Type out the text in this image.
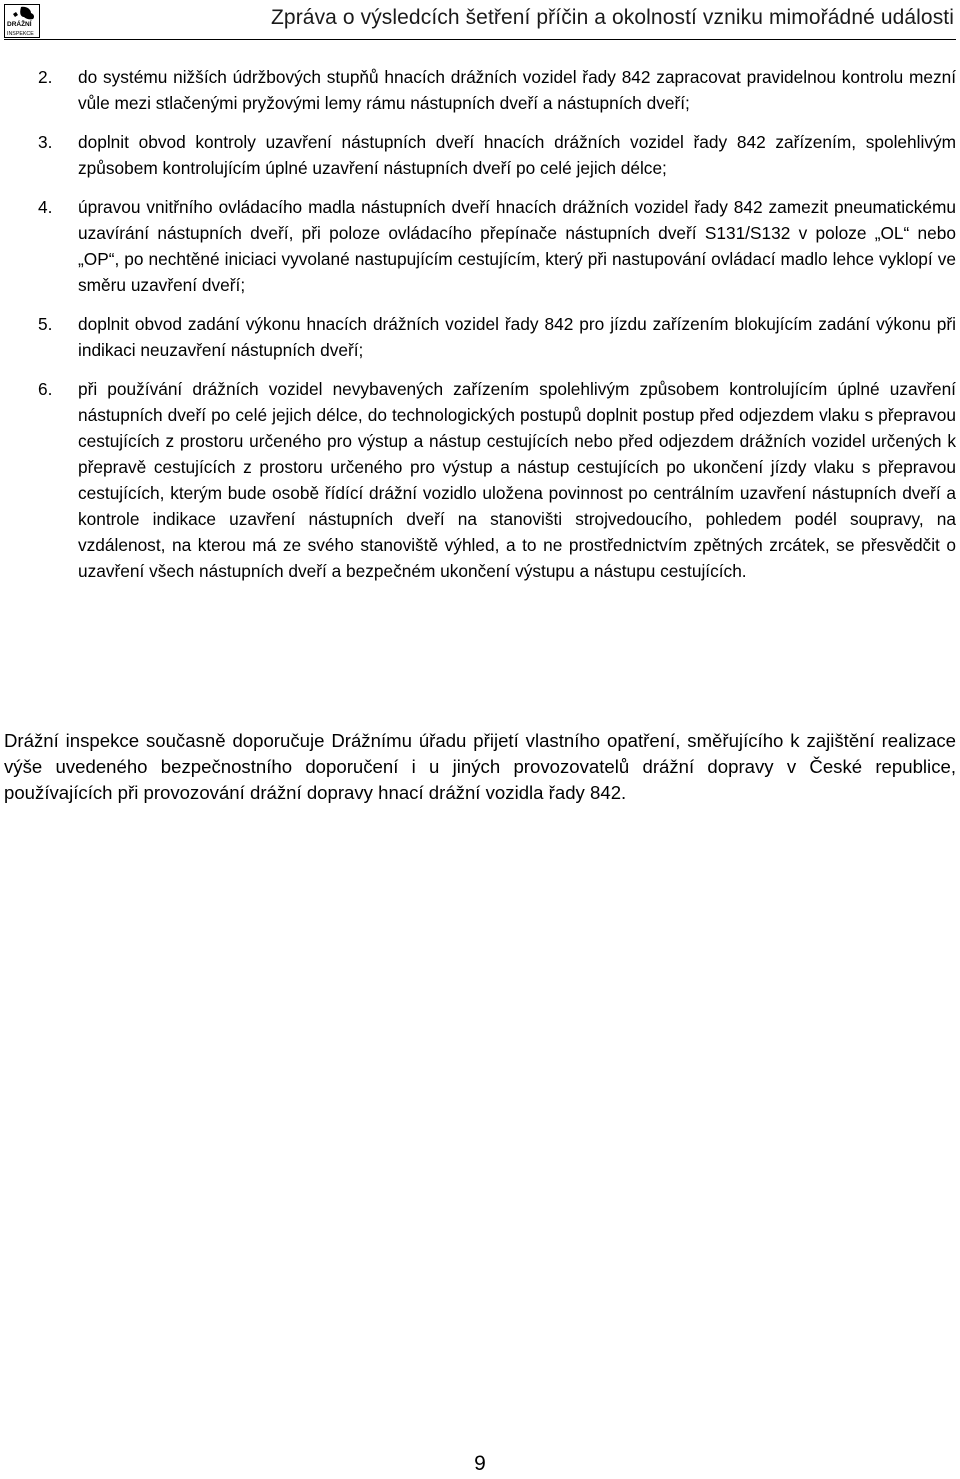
DRÁŽNÍ
INSPEKCE
Zpráva o výsledcích šetření příčin a okolností vzniku mimořádné události
2.	do systému nižších údržbových stupňů hnacích drážních vozidel řady 842 zapracovat pravidelnou kontrolu mezní vůle mezi stlačenými pryžovými lemy rámu nástupních dveří a nástupních dveří;
3.	doplnit obvod kontroly uzavření nástupních dveří hnacích drážních vozidel řady 842 zařízením, spolehlivým způsobem kontrolujícím úplné uzavření nástupních dveří po celé jejich délce;
4.	úpravou vnitřního ovládacího madla nástupních dveří hnacích drážních vozidel řady 842 zamezit pneumatickému uzavírání nástupních dveří, při poloze ovládacího přepínače nástupních dveří S131/S132 v poloze „OL“ nebo „OP“, po nechtěné iniciaci vyvolané nastupujícím cestujícím, který při nastupování ovládací madlo lehce vyklopí ve směru uzavření dveří;
5.	doplnit obvod zadání výkonu hnacích drážních vozidel řady 842 pro jízdu zařízením blokujícím zadání výkonu při indikaci neuzavření nástupních dveří;
6.	při používání drážních vozidel nevybavených zařízením spolehlivým způsobem kontrolujícím úplné uzavření nástupních dveří po celé jejich délce, do technologických postupů doplnit postup před odjezdem vlaku s přepravou cestujících z prostoru určeného pro výstup a nástup cestujících nebo před odjezdem drážních vozidel určených k přepravě cestujících z prostoru určeného pro výstup a nástup cestujících po ukončení jízdy vlaku s přepravou cestujících, kterým bude osobě řídící drážní vozidlo uložena povinnost po centrálním uzavření nástupních dveří a kontrole indikace uzavření nástupních dveří na stanovišti strojvedoucího, pohledem podél soupravy, na vzdálenost, na kterou má ze svého stanoviště výhled, a to ne prostřednictvím zpětných zrcátek, se přesvědčit o uzavření všech nástupních dveří a bezpečném ukončení výstupu a nástupu cestujících.
Drážní inspekce současně doporučuje Drážnímu úřadu přijetí vlastního opatření, směřujícího k zajištění realizace výše uvedeného bezpečnostního doporučení i u jiných provozovatelů drážní dopravy v České republice, používajících při provozování drážní dopravy hnací drážní vozidla řady 842.
9
